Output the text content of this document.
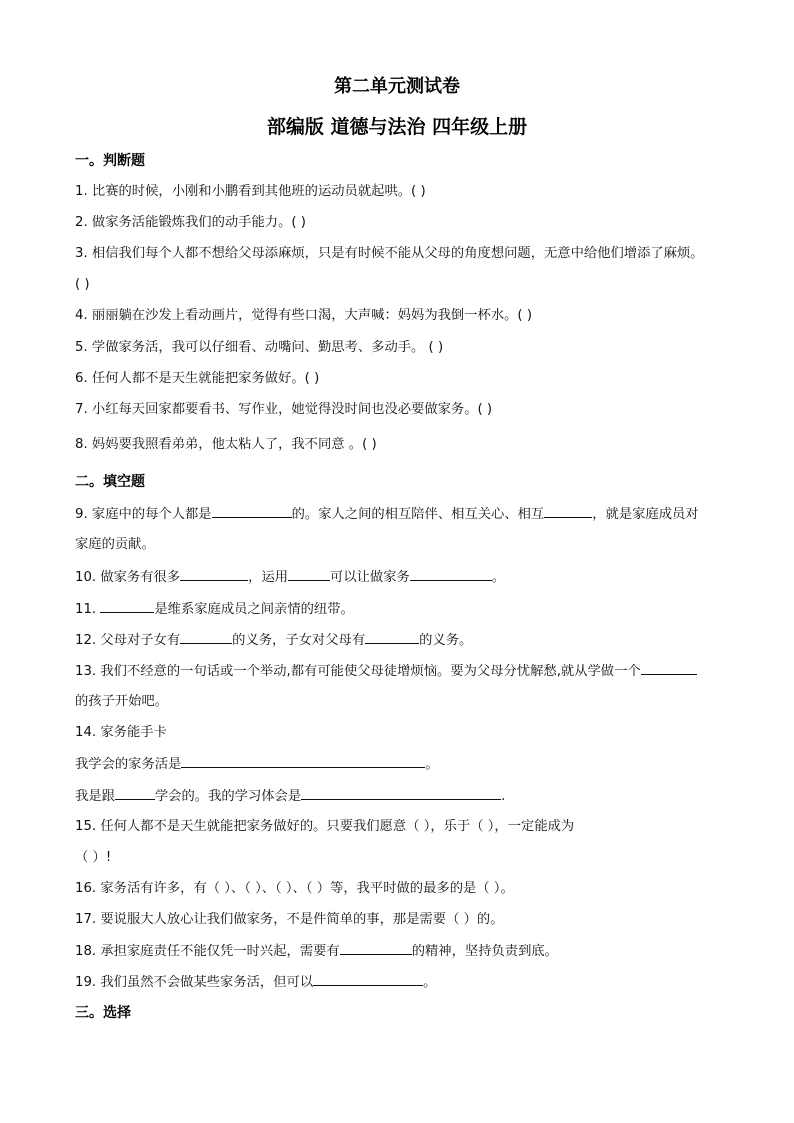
第二单元测试卷
部编版 道德与法治 四年级上册
一。判断题
1. 比赛的时候，小刚和小鹏看到其他班的运动员就起哄。( )
2. 做家务活能锻炼我们的动手能力。( )
3. 相信我们每个人都不想给父母添麻烦，只是有时候不能从父母的角度想问题，无意中给他们增添了麻烦。
( )
4. 丽丽躺在沙发上看动画片，觉得有些口渴，大声喊：妈妈为我倒一杯水。( )
5. 学做家务活，我可以仔细看、动嘴问、勤思考、多动手。 ( )
6. 任何人都不是天生就能把家务做好。( )
7. 小红每天回家都要看书、写作业，她觉得没时间也没必要做家务。( )
8. 妈妈要我照看弟弟，他太粘人了，我不同意 。( )
二。填空题
9. 家庭中的每个人都是	的。家人之间的相互陪伴、相互关心、相互	，就是家庭成员对
家庭的贡献。
10. 做家务有很多	，运用	可以让做家务	。
11.	是维系家庭成员之间亲情的纽带。
12. 父母对子女有	的义务，子女对父母有	的义务。
13. 我们不经意的一句话或一个举动,都有可能使父母徒增烦恼。要为父母分忧解愁,就从学做一个
的孩子开始吧。
14. 家务能手卡
我学会的家务活是	。
我是跟	学会的。我的学习体会是	.
15. 任何人都不是天生就能把家务做好的。只要我们愿意（ ），乐于（ ），一定能成为
（ ）!
16. 家务活有许多，有（ ）、（ ）、（ ）、（ ）等，我平时做的最多的是（ ）。
17. 要说服大人放心让我们做家务，不是件简单的事，那是需要（ ）的。
18. 承担家庭责任不能仅凭一时兴起，需要有	的精神，坚持负责到底。
19. 我们虽然不会做某些家务活，但可以	。
三。选择
